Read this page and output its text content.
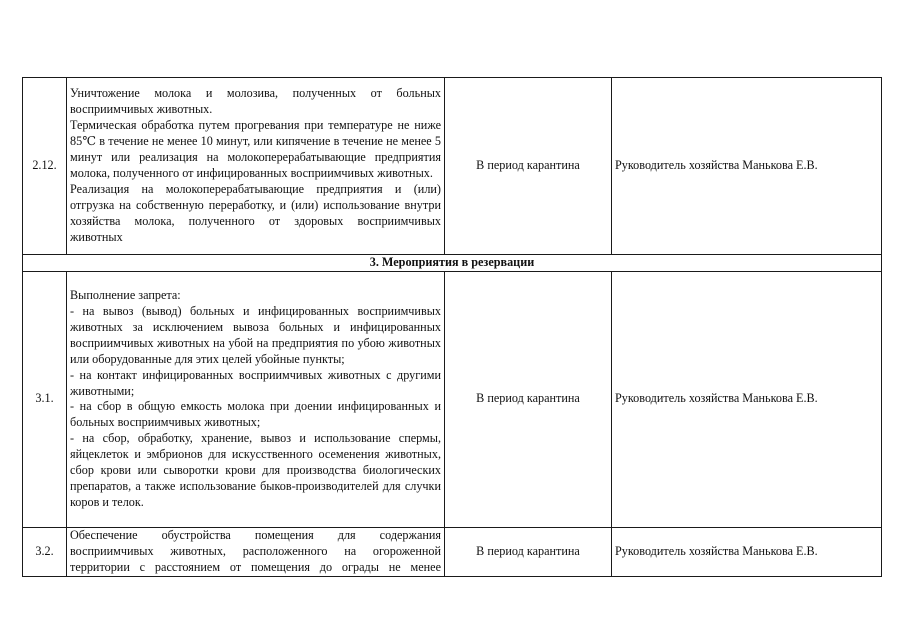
2.12.	Уничтожение молока и молозива, полученных от больных восприимчивых животных.
Термическая обработка путем прогревания при температуре не ниже 85℃ в течение не менее 10 минут, или кипячение в течение не менее 5 минут или реализация на молокоперерабатывающие предприятия молока, полученного от инфицированных восприимчивых животных.
Реализация на молокоперерабатывающие предприятия и (или) отгрузка на собственную переработку, и (или) использование внутри хозяйства молока, полученного от здоровых восприимчивых животных	В период карантина	Руководитель хозяйства Манькова Е.В.
3. Мероприятия в резервации			
3.1.	Выполнение запрета:
- на вывоз (вывод) больных и инфицированных восприимчивых животных за исключением вывоза больных и инфицированных восприимчивых животных на убой на предприятия по убою животных или оборудованные для этих целей убойные пункты;
- на контакт инфицированных восприимчивых животных с другими животными;
- на сбор в общую емкость молока при доении инфицированных и больных восприимчивых животных;
- на сбор, обработку, хранение, вывоз и использование спермы, яйцеклеток и эмбрионов для искусственного осеменения животных, сбор крови или сыворотки крови для производства биологических препаратов, а также использование быков-производителей для случки коров и телок.	В период карантина	Руководитель хозяйства Манькова Е.В.
3.2.	Обеспечение обустройства помещения для содержания восприимчивых животных, расположенного на огороженной территории с расстоянием от помещения до ограды не менее	В период карантина	Руководитель хозяйства Манькова Е.В.
